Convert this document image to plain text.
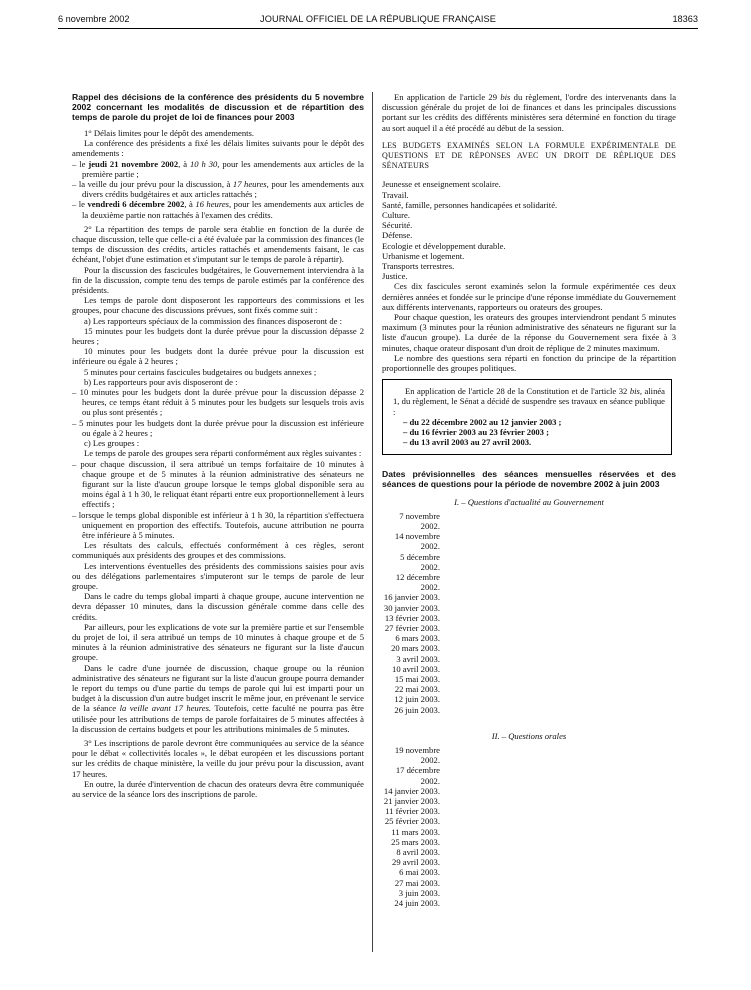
6 novembre 2002	JOURNAL OFFICIEL DE LA RÉPUBLIQUE FRANÇAISE	18363

Rappel des décisions de la conférence des présidents du 5 novembre 2002 concernant les modalités de discussion et de répartition des temps de parole du projet de loi de finances pour 2003

1° Délais limites pour le dépôt des amendements.

La conférence des présidents a fixé les délais limites suivants pour le dépôt des amendements :

– le jeudi 21 novembre 2002, à 10 h 30, pour les amendements aux articles de la première partie ;

– la veille du jour prévu pour la discussion, à 17 heures, pour les amendements aux divers crédits budgétaires et aux articles rattachés ;

– le vendredi 6 décembre 2002, à 16 heures, pour les amendements aux articles de la deuxième partie non rattachés à l'examen des crédits.

2° La répartition des temps de parole sera établie en fonction de la durée de chaque discussion, telle que celle-ci a été évaluée par la commission des finances (le temps de discussion des crédits, articles rattachés et amendements faisant, le cas échéant, l'objet d'une estimation et s'imputant sur le temps de parole à répartir).

Pour la discussion des fascicules budgétaires, le Gouvernement interviendra à la fin de la discussion, compte tenu des temps de parole estimés par la conférence des présidents.

Les temps de parole dont disposeront les rapporteurs des commissions et les groupes, pour chacune des discussions prévues, sont fixés comme suit :

a) Les rapporteurs spéciaux de la commission des finances disposeront de :

15 minutes pour les budgets dont la durée prévue pour la discussion dépasse 2 heures ;

10 minutes pour les budgets dont la durée prévue pour la discussion est inférieure ou égale à 2 heures ;

5 minutes pour certains fascicules budgetaires ou budgets annexes ;

b) Les rapporteurs pour avis disposeront de :

– 10 minutes pour les budgets dont la durée prévue pour la discussion dépasse 2 heures, ce temps étant réduit à 5 minutes pour les budgets sur lesquels trois avis ou plus sont présentés ;

– 5 minutes pour les budgets dont la durée prévue pour la discussion est inférieure ou égale à 2 heures ;

c) Les groupes :

Le temps de parole des groupes sera réparti conformément aux règles suivantes :

– pour chaque discussion, il sera attribué un temps forfaitaire de 10 minutes à chaque groupe et de 5 minutes à la réunion administrative des sénateurs ne figurant sur la liste d'aucun groupe lorsque le temps global disponible sera au moins égal à 1 h 30, le reliquat étant réparti entre eux proportionnellement à leurs effectifs ;

– lorsque le temps global disponible est inférieur à 1 h 30, la répartition s'effectuera uniquement en proportion des effectifs. Toutefois, aucune attribution ne pourra être inférieure à 5 minutes.

Les résultats des calculs, effectués conformément à ces règles, seront communiqués aux présidents des groupes et des commissions.

Les interventions éventuelles des présidents des commissions saisies pour avis ou des délégations parlementaires s'imputeront sur le temps de parole de leur groupe.

Dans le cadre du temps global imparti à chaque groupe, aucune intervention ne devra dépasser 10 minutes, dans la discussion générale comme dans celle des crédits.

Par ailleurs, pour les explications de vote sur la première partie et sur l'ensemble du projet de loi, il sera attribué un temps de 10 minutes à chaque groupe et de 5 minutes à la réunion administrative des sénateurs ne figurant sur la liste d'aucun groupe.

Dans le cadre d'une journée de discussion, chaque groupe ou la réunion administrative des sénateurs ne figurant sur la liste d'aucun groupe pourra demander le report du temps ou d'une partie du temps de parole qui lui est imparti pour un budget à la discussion d'un autre budget inscrit le même jour, en prévenant le service de la séance la veille avant 17 heures. Toutefois, cette faculté ne pourra pas être utilisée pour les attributions de temps de parole forfaitaires de 5 minutes affectées à la discussion de certains budgets et pour les attributions minimales de 5 minutes.

3° Les inscriptions de parole devront être communiquées au service de la séance pour le débat « collectivités locales », le débat européen et les discussions portant sur les crédits de chaque ministère, la veille du jour prévu pour la discussion, avant 17 heures.

En outre, la durée d'intervention de chacun des orateurs devra être communiquée au service de la séance lors des inscriptions de parole.

En application de l'article 29 bis du règlement, l'ordre des intervenants dans la discussion générale du projet de loi de finances et dans les principales discussions portant sur les crédits des différents ministères sera déterminé en fonction du tirage au sort auquel il a été procédé au début de la session.

LES BUDGETS EXAMINÉS SELON LA FORMULE EXPÉRIMENTALE DE QUESTIONS ET DE RÉPONSES AVEC UN DROIT DE RÉPLIQUE DES SÉNATEURS

Jeunesse et enseignement scolaire.

Travail.

Santé, famille, personnes handicapées et solidarité.

Culture.

Sécurité.

Défense.

Ecologie et développement durable.

Urbanisme et logement.

Transports terrestres.

Justice.

Ces dix fascicules seront examinés selon la formule expérimentée ces deux dernières années et fondée sur le principe d'une réponse immédiate du Gouvernement aux différents intervenants, rapporteurs ou orateurs des groupes.

Pour chaque question, les orateurs des groupes interviendront pendant 5 minutes maximum (3 minutes pour la réunion administrative des sénateurs ne figurant sur la liste d'aucun groupe). La durée de la réponse du Gouvernement sera fixée à 3 minutes, chaque orateur disposant d'un droit de réplique de 2 minutes maximum.

Le nombre des questions sera réparti en fonction du principe de la répartition proportionnelle des groupes politiques.

En application de l'article 28 de la Constitution et de l'article 32 bis, alinéa 1, du règlement, le Sénat a décidé de suspendre ses travaux en séance publique :

– du 22 décembre 2002 au 12 janvier 2003 ;

– du 16 février 2003 au 23 février 2003 ;

– du 13 avril 2003 au 27 avril 2003.

Dates prévisionnelles des séances mensuelles réservées et des séances de questions pour la période de novembre 2002 à juin 2003

I. – Questions d'actualité au Gouvernement

7 novembre 2002.
14 novembre 2002.
5 décembre 2002.
12 décembre 2002.
16 janvier 2003.
30 janvier 2003.
13 février 2003.
27 février 2003.
6 mars 2003.
20 mars 2003.
3 avril 2003.
10 avril 2003.
15 mai 2003.
22 mai 2003.
12 juin 2003.
26 juin 2003.

II. – Questions orales

19 novembre 2002.
17 décembre 2002.
14 janvier 2003.
21 janvier 2003.
11 février 2003.
25 février 2003.
11 mars 2003.
25 mars 2003.
8 avril 2003.
29 avril 2003.
6 mai 2003.
27 mai 2003.
3 juin 2003.
24 juin 2003.
